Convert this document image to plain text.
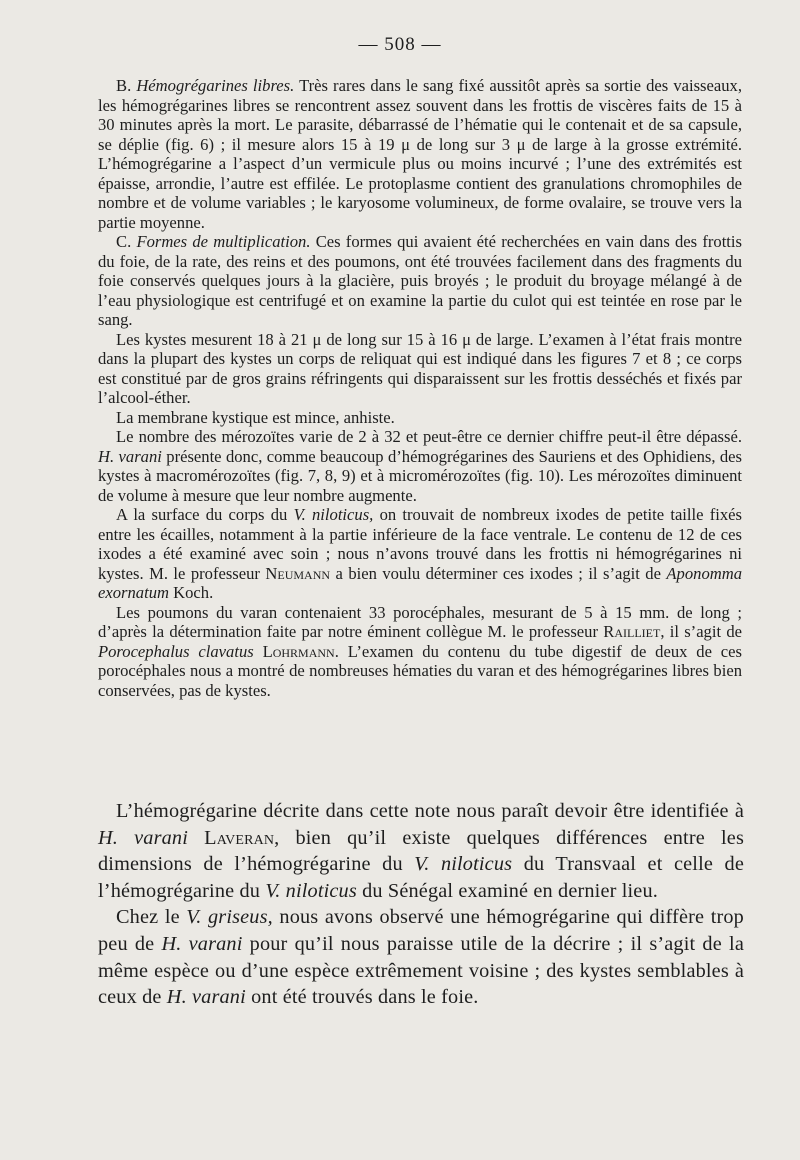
— 508 —

B. Hémogrégarines libres. Très rares dans le sang fixé aussitôt après sa sortie des vaisseaux, les hémogrégarines libres se rencontrent assez souvent dans les frottis de viscères faits de 15 à 30 minutes après la mort. Le parasite, débarrassé de l’hématie qui le contenait et de sa capsule, se déplie (fig. 6) ; il mesure alors 15 à 19 μ de long sur 3 μ de large à la grosse extrémité. L’hémogrégarine a l’aspect d’un vermicule plus ou moins incurvé ; l’une des extrémités est épaisse, arrondie, l’autre est effilée. Le protoplasme contient des granulations chromophiles de nombre et de volume variables ; le karyosome volumineux, de forme ovalaire, se trouve vers la partie moyenne.

C. Formes de multiplication. Ces formes qui avaient été recherchées en vain dans des frottis du foie, de la rate, des reins et des poumons, ont été trouvées facilement dans des fragments du foie conservés quelques jours à la glacière, puis broyés ; le produit du broyage mélangé à de l’eau physiologique est centrifugé et on examine la partie du culot qui est teintée en rose par le sang.

Les kystes mesurent 18 à 21 μ de long sur 15 à 16 μ de large. L’examen à l’état frais montre dans la plupart des kystes un corps de reliquat qui est indiqué dans les figures 7 et 8 ; ce corps est constitué par de gros grains réfringents qui disparaissent sur les frottis desséchés et fixés par l’alcool-éther.

La membrane kystique est mince, anhiste.

Le nombre des mérozoïtes varie de 2 à 32 et peut-être ce dernier chiffre peut-il être dépassé. H. varani présente donc, comme beaucoup d’hémogrégarines des Sauriens et des Ophidiens, des kystes à macromérozoïtes (fig. 7, 8, 9) et à micromérozoïtes (fig. 10). Les mérozoïtes diminuent de volume à mesure que leur nombre augmente.

A la surface du corps du V. niloticus, on trouvait de nombreux ixodes de petite taille fixés entre les écailles, notamment à la partie inférieure de la face ventrale. Le contenu de 12 de ces ixodes a été examiné avec soin ; nous n’avons trouvé dans les frottis ni hémogrégarines ni kystes. M. le professeur Neumann a bien voulu déterminer ces ixodes ; il s’agit de Aponomma exornatum Koch.

Les poumons du varan contenaient 33 porocéphales, mesurant de 5 à 15 mm. de long ; d’après la détermination faite par notre éminent collègue M. le professeur Railliet, il s’agit de Porocephalus clavatus Lohrmann. L’examen du contenu du tube digestif de deux de ces porocéphales nous a montré de nombreuses hématies du varan et des hémogrégarines libres bien conservées, pas de kystes.

L’hémogrégarine décrite dans cette note nous paraît devoir être identifiée à H. varani Laveran, bien qu’il existe quelques différences entre les dimensions de l’hémogrégarine du V. niloticus du Transvaal et celle de l’hémogrégarine du V. niloticus du Sénégal examiné en dernier lieu.

Chez le V. griseus, nous avons observé une hémogrégarine qui diffère trop peu de H. varani pour qu’il nous paraisse utile de la décrire ; il s’agit de la même espèce ou d’une espèce extrêmement voisine ; des kystes semblables à ceux de H. varani ont été trouvés dans le foie.
